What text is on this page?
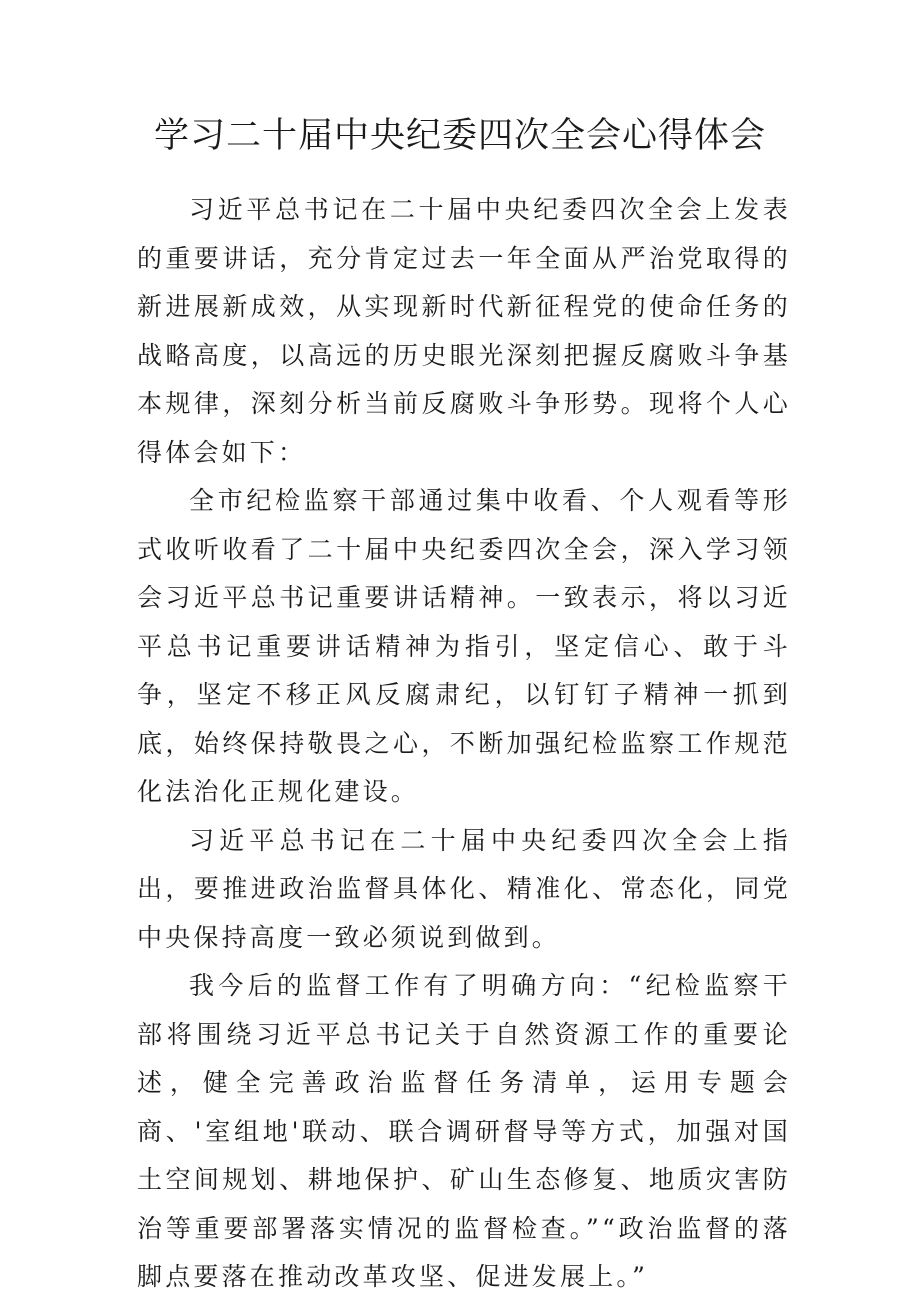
学习二十届中央纪委四次全会心得体会

习近平总书记在二十届中央纪委四次全会上发表的重要讲话，充分肯定过去一年全面从严治党取得的新进展新成效，从实现新时代新征程党的使命任务的战略高度，以高远的历史眼光深刻把握反腐败斗争基本规律，深刻分析当前反腐败斗争形势。现将个人心得体会如下：

全市纪检监察干部通过集中收看、个人观看等形式收听收看了二十届中央纪委四次全会，深入学习领会习近平总书记重要讲话精神。一致表示，将以习近平总书记重要讲话精神为指引，坚定信心、敢于斗争，坚定不移正风反腐肃纪，以钉钉子精神一抓到底，始终保持敬畏之心，不断加强纪检监察工作规范化法治化正规化建设。

习近平总书记在二十届中央纪委四次全会上指出，要推进政治监督具体化、精准化、常态化，同党中央保持高度一致必须说到做到。

我今后的监督工作有了明确方向：“纪检监察干部将围绕习近平总书记关于自然资源工作的重要论述，健全完善政治监督任务清单，运用专题会商、'室组地'联动、联合调研督导等方式，加强对国土空间规划、耕地保护、矿山生态修复、地质灾害防治等重要部署落实情况的监督检查。”“政治监督的落脚点要落在推动改革攻坚、促进发展上。”
